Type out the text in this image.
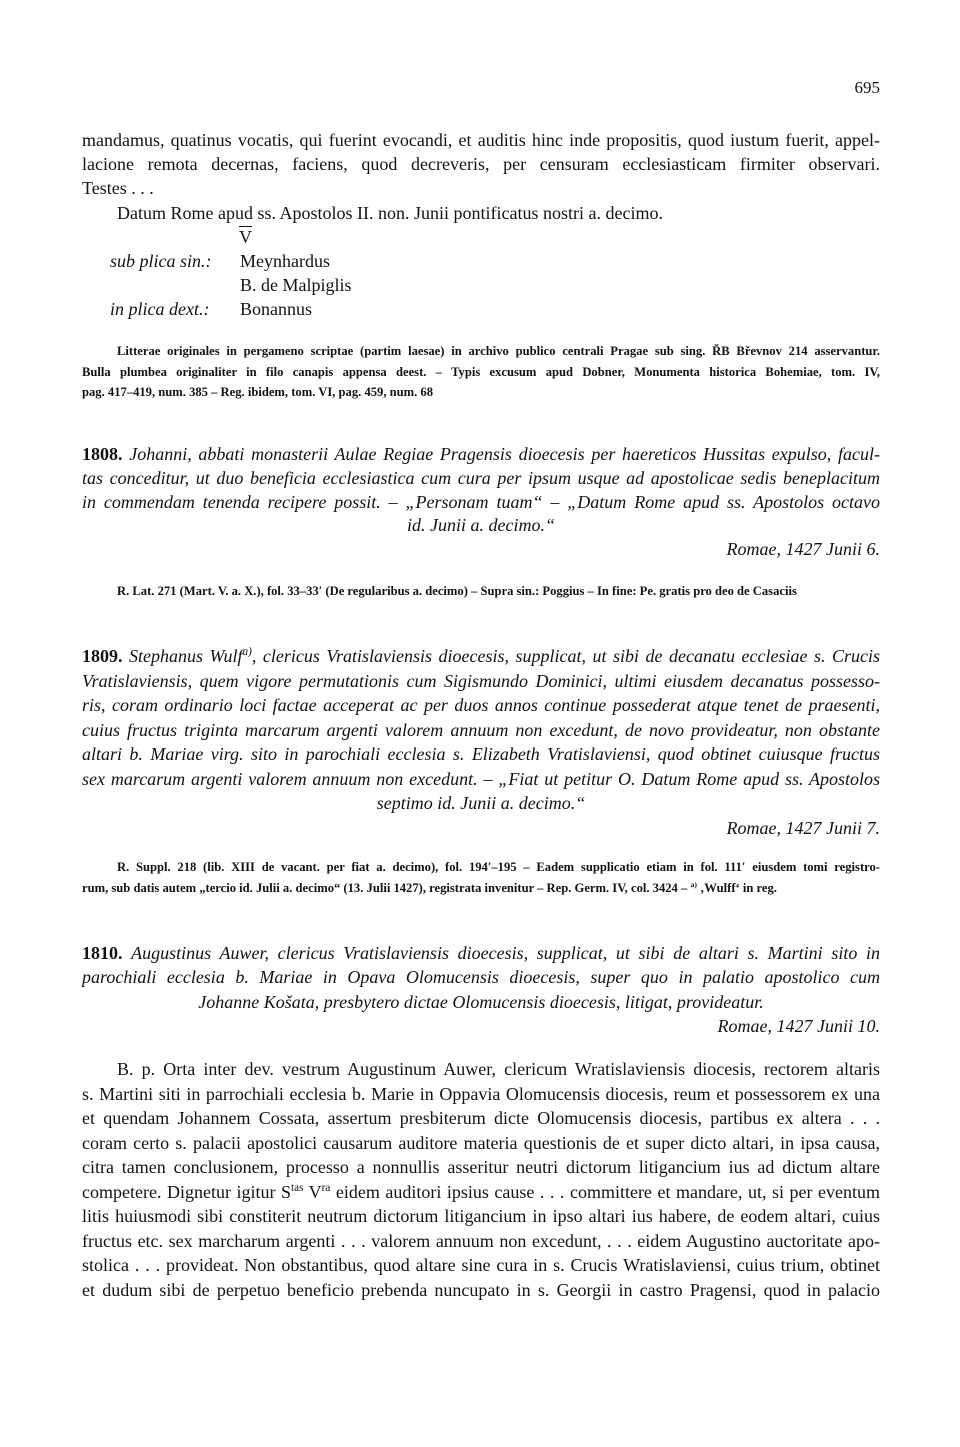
695
mandamus, quatinus vocatis, qui fuerint evocandi, et auditis hinc inde propositis, quod iustum fuerit, appel-
lacione remota decernas, faciens, quod decreveris, per censuram ecclesiasticam firmiter observari.
Testes . . .
Datum Rome apud ss. Apostolos II. non. Junii pontificatus nostri a. decimo.
$\overline{V}$
sub plica sin.:	Meynhardus
B. de Malpiglis
in plica dext.:	Bonannus
Litterae originales in pergameno scriptae (partim laesae) in archivo publico centrali Pragae sub sing. ŘB Břevnov 214 asservantur.
Bulla plumbea originaliter in filo canapis appensa deest. – Typis excusum apud Dobner, Monumenta historica Bohemiae, tom. IV,
pag. 417–419, num. 385 – Reg. ibidem, tom. VI, pag. 459, num. 68
1808. Johanni, abbati monasterii Aulae Regiae Pragensis dioecesis per haereticos Hussitas expulso, facul-
tas conceditur, ut duo beneficia ecclesiastica cum cura per ipsum usque ad apostolicae sedis beneplacitum
in commendam tenenda recipere possit. – „Personam tuam“ – „Datum Rome apud ss. Apostolos octavo
id. Junii a. decimo.“
Romae, 1427 Junii 6.
R. Lat. 271 (Mart. V. a. X.), fol. 33–33′ (De regularibus a. decimo) – Supra sin.: Poggius – In fine: Pe. gratis pro deo de Casaciis
1809. Stephanus Wulf$^{a)}$, clericus Vratislaviensis dioecesis, supplicat, ut sibi de decanatu ecclesiae s. Crucis
Vratislaviensis, quem vigore permutationis cum Sigismundo Dominici, ultimi eiusdem decanatus possesso-
ris, coram ordinario loci factae acceperat ac per duos annos continue possederat atque tenet de praesenti,
cuius fructus triginta marcarum argenti valorem annuum non excedunt, de novo provideatur, non obstante
altari b. Mariae virg. sito in parochiali ecclesia s. Elizabeth Vratislaviensi, quod obtinet cuiusque fructus
sex marcarum argenti valorem annuum non excedunt. – „Fiat ut petitur O. Datum Rome apud ss. Apostolos
septimo id. Junii a. decimo.“
Romae, 1427 Junii 7.
R. Suppl. 218 (lib. XIII de vacant. per fiat a. decimo), fol. 194′–195 – Eadem supplicatio etiam in fol. 111′ eiusdem tomi registro-
rum, sub datis autem „tercio id. Julii a. decimo“ (13. Julii 1427), registrata invenitur – Rep. Germ. IV, col. 3424 – $^{a)}$ ‚Wulff‘ in reg.
1810. Augustinus Auwer, clericus Vratislaviensis dioecesis, supplicat, ut sibi de altari s. Martini sito in
parochiali ecclesia b. Mariae in Opava Olomucensis dioecesis, super quo in palatio apostolico cum
Johanne Košata, presbytero dictae Olomucensis dioecesis, litigat, provideatur.
Romae, 1427 Junii 10.
B. p. Orta inter dev. vestrum Augustinum Auwer, clericum Wratislaviensis diocesis, rectorem altaris
s. Martini siti in parrochiali ecclesia b. Marie in Oppavia Olomucensis diocesis, reum et possessorem ex una
et quendam Johannem Cossata, assertum presbiterum dicte Olomucensis diocesis, partibus ex altera . . .
coram certo s. palacii apostolici causarum auditore materia questionis de et super dicto altari, in ipsa causa,
citra tamen conclusionem, processo a nonnullis asseritur neutri dictorum litigancium ius ad dictum altare
competere. Dignetur igitur $S^{tas}$ $V^{ra}$ eidem auditori ipsius cause . . . committere et mandare, ut, si per eventum
litis huiusmodi sibi constiterit neutrum dictorum litigancium in ipso altari ius habere, de eodem altari, cuius
fructus etc. sex marcharum argenti . . . valorem annuum non excedunt, . . . eidem Augustino auctoritate apo-
stolica . . . provideat. Non obstantibus, quod altare sine cura in s. Crucis Wratislaviensi, cuius trium, obtinet
et dudum sibi de perpetuo beneficio prebenda nuncupato in s. Georgii in castro Pragensi, quod in palacio
